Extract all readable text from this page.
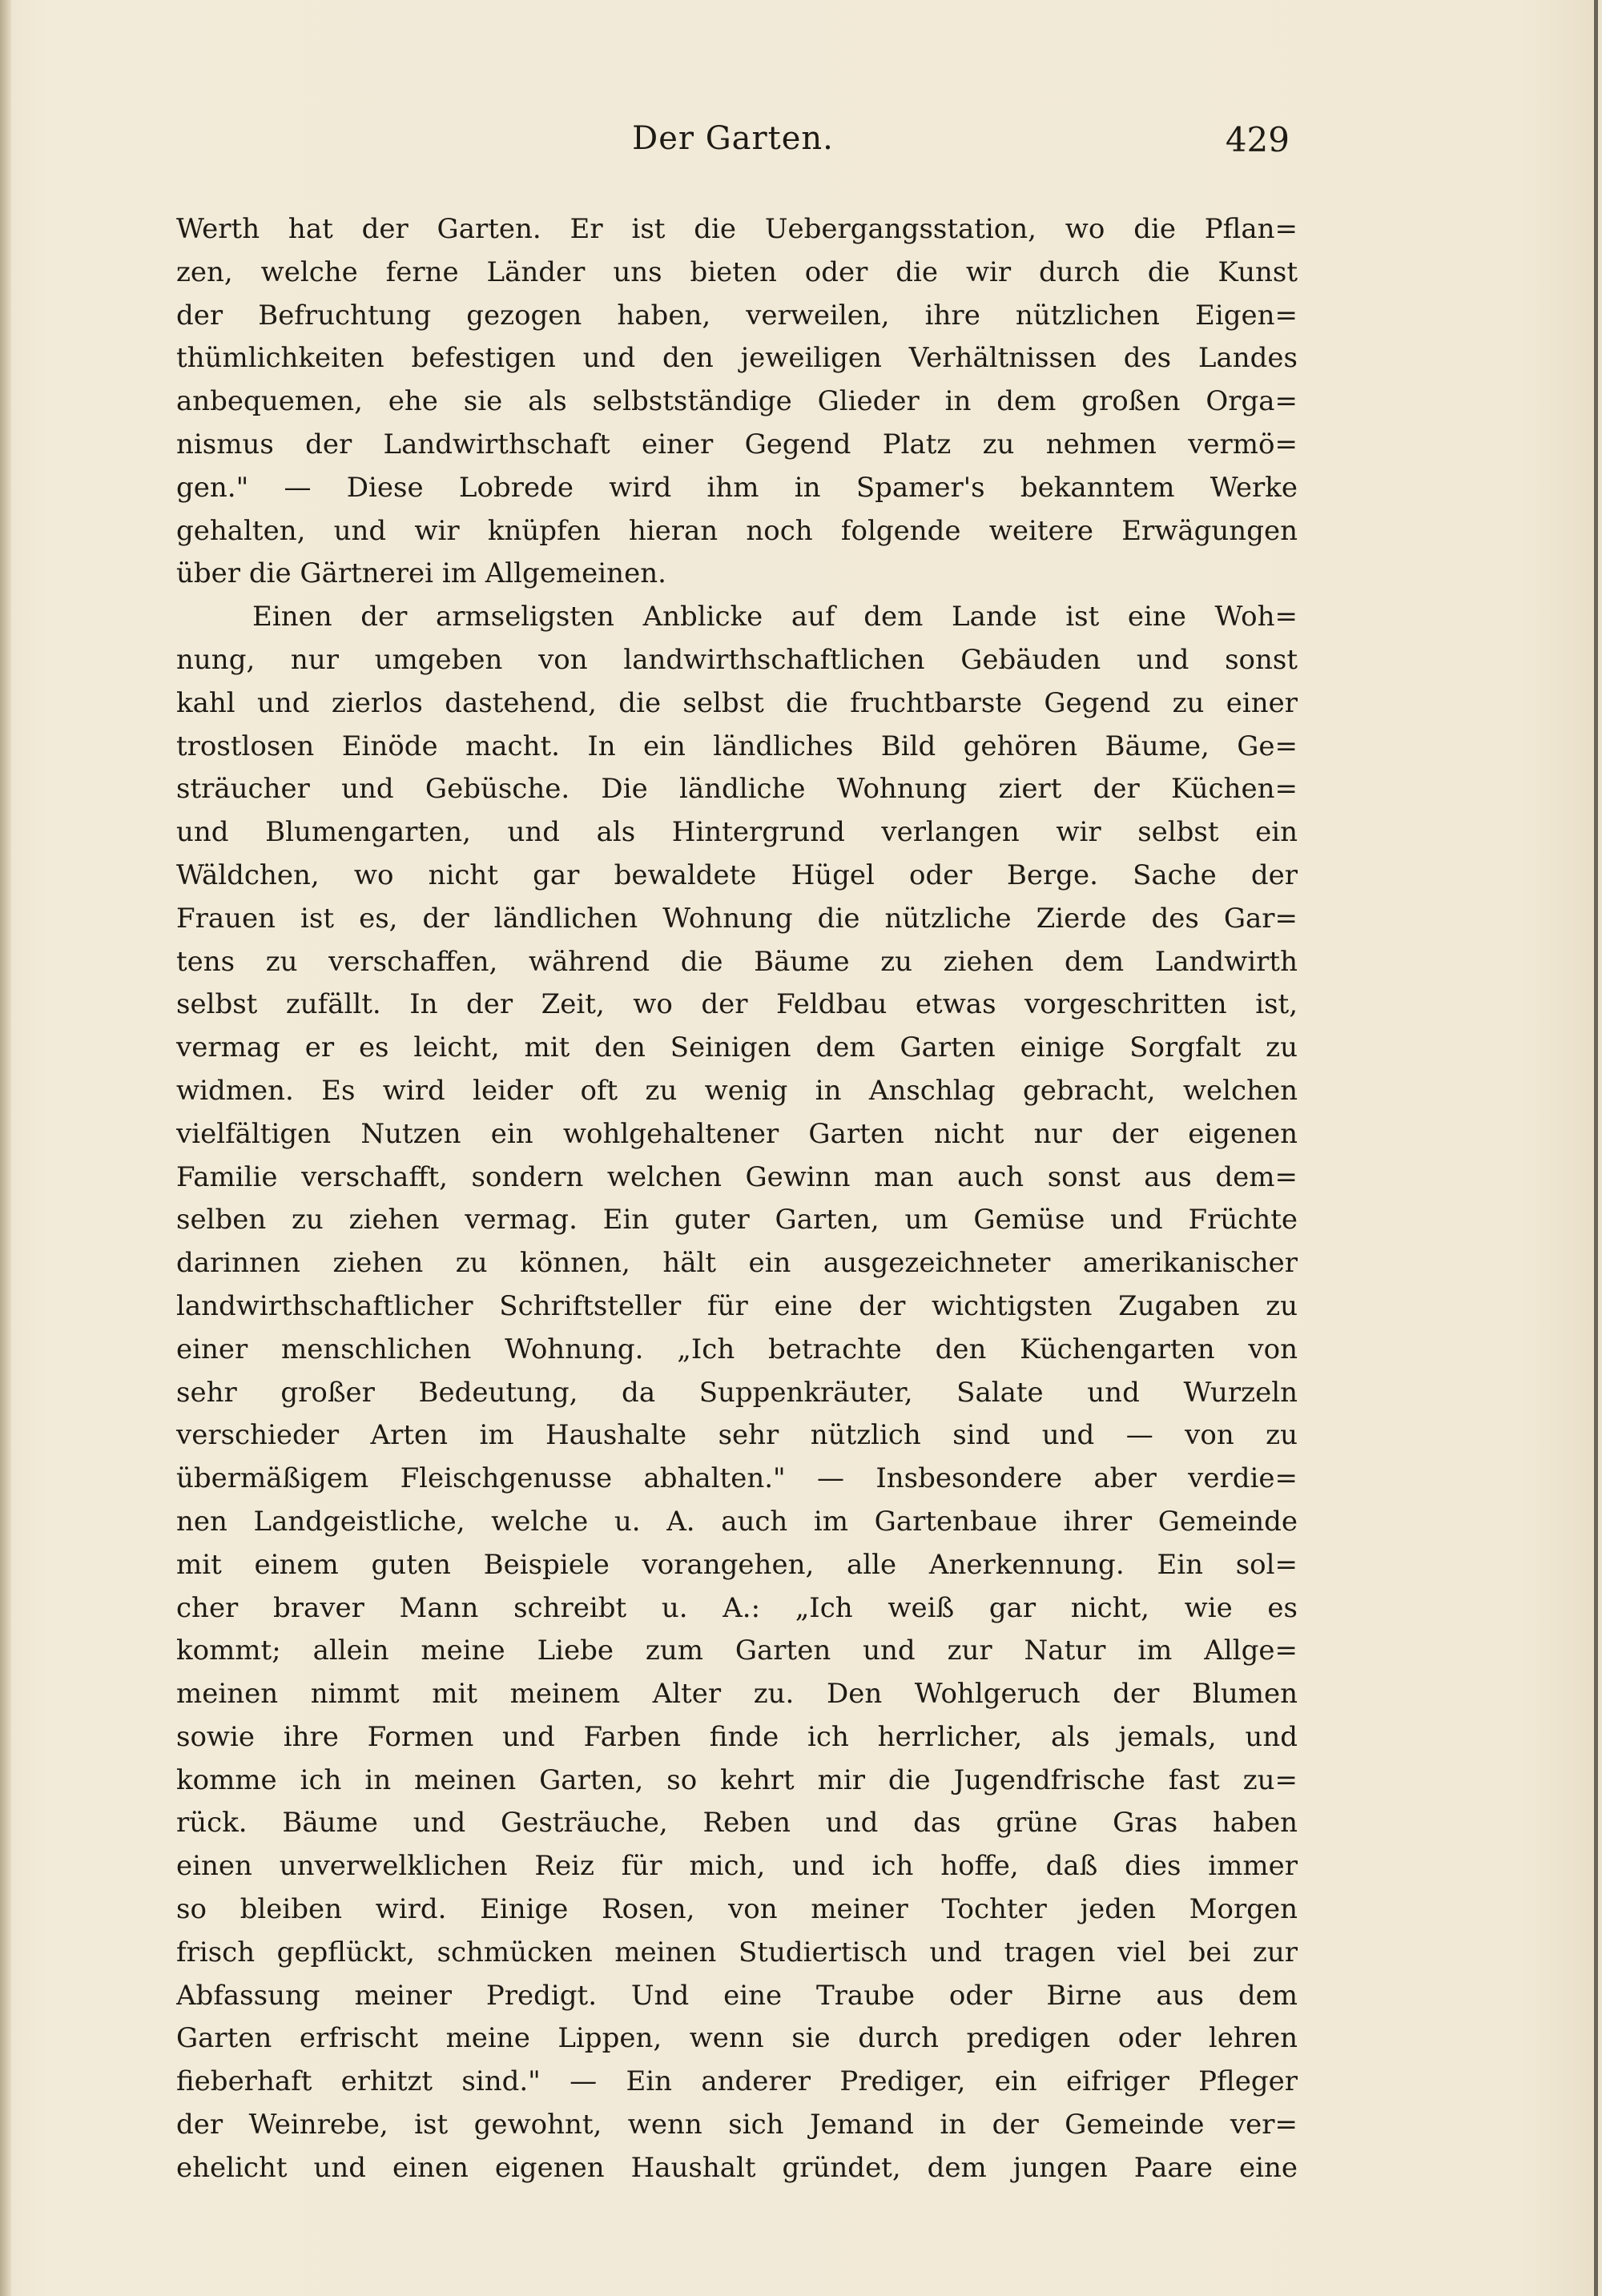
Der Garten.	429
Werth hat der Garten. Er ist die Uebergangsstation, wo die Pflan=
zen, welche ferne Länder uns bieten oder die wir durch die Kunst
der Befruchtung gezogen haben, verweilen, ihre nützlichen Eigen=
thümlichkeiten befestigen und den jeweiligen Verhältnissen des Landes
anbequemen, ehe sie als selbstständige Glieder in dem großen Orga=
nismus der Landwirthschaft einer Gegend Platz zu nehmen vermö=
gen." — Diese Lobrede wird ihm in Spamer's bekanntem Werke
gehalten, und wir knüpfen hieran noch folgende weitere Erwägungen
über die Gärtnerei im Allgemeinen.
Einen der armseligsten Anblicke auf dem Lande ist eine Woh=
nung, nur umgeben von landwirthschaftlichen Gebäuden und sonst
kahl und zierlos dastehend, die selbst die fruchtbarste Gegend zu einer
trostlosen Einöde macht. In ein ländliches Bild gehören Bäume, Ge=
sträucher und Gebüsche. Die ländliche Wohnung ziert der Küchen=
und Blumengarten, und als Hintergrund verlangen wir selbst ein
Wäldchen, wo nicht gar bewaldete Hügel oder Berge. Sache der
Frauen ist es, der ländlichen Wohnung die nützliche Zierde des Gar=
tens zu verschaffen, während die Bäume zu ziehen dem Landwirth
selbst zufällt. In der Zeit, wo der Feldbau etwas vorgeschritten ist,
vermag er es leicht, mit den Seinigen dem Garten einige Sorgfalt zu
widmen. Es wird leider oft zu wenig in Anschlag gebracht, welchen
vielfältigen Nutzen ein wohlgehaltener Garten nicht nur der eigenen
Familie verschafft, sondern welchen Gewinn man auch sonst aus dem=
selben zu ziehen vermag. Ein guter Garten, um Gemüse und Früchte
darinnen ziehen zu können, hält ein ausgezeichneter amerikanischer
landwirthschaftlicher Schriftsteller für eine der wichtigsten Zugaben zu
einer menschlichen Wohnung. „Ich betrachte den Küchengarten von
sehr großer Bedeutung, da Suppenkräuter, Salate und Wurzeln
verschieder Arten im Haushalte sehr nützlich sind und — von zu
übermäßigem Fleischgenusse abhalten." — Insbesondere aber verdie=
nen Landgeistliche, welche u. A. auch im Gartenbaue ihrer Gemeinde
mit einem guten Beispiele vorangehen, alle Anerkennung. Ein sol=
cher braver Mann schreibt u. A.: „Ich weiß gar nicht, wie es
kommt; allein meine Liebe zum Garten und zur Natur im Allge=
meinen nimmt mit meinem Alter zu. Den Wohlgeruch der Blumen
sowie ihre Formen und Farben finde ich herrlicher, als jemals, und
komme ich in meinen Garten, so kehrt mir die Jugendfrische fast zu=
rück. Bäume und Gesträuche, Reben und das grüne Gras haben
einen unverwelklichen Reiz für mich, und ich hoffe, daß dies immer
so bleiben wird. Einige Rosen, von meiner Tochter jeden Morgen
frisch gepflückt, schmücken meinen Studiertisch und tragen viel bei zur
Abfassung meiner Predigt. Und eine Traube oder Birne aus dem
Garten erfrischt meine Lippen, wenn sie durch predigen oder lehren
fieberhaft erhitzt sind." — Ein anderer Prediger, ein eifriger Pfleger
der Weinrebe, ist gewohnt, wenn sich Jemand in der Gemeinde ver=
ehelicht und einen eigenen Haushalt gründet, dem jungen Paare eine
